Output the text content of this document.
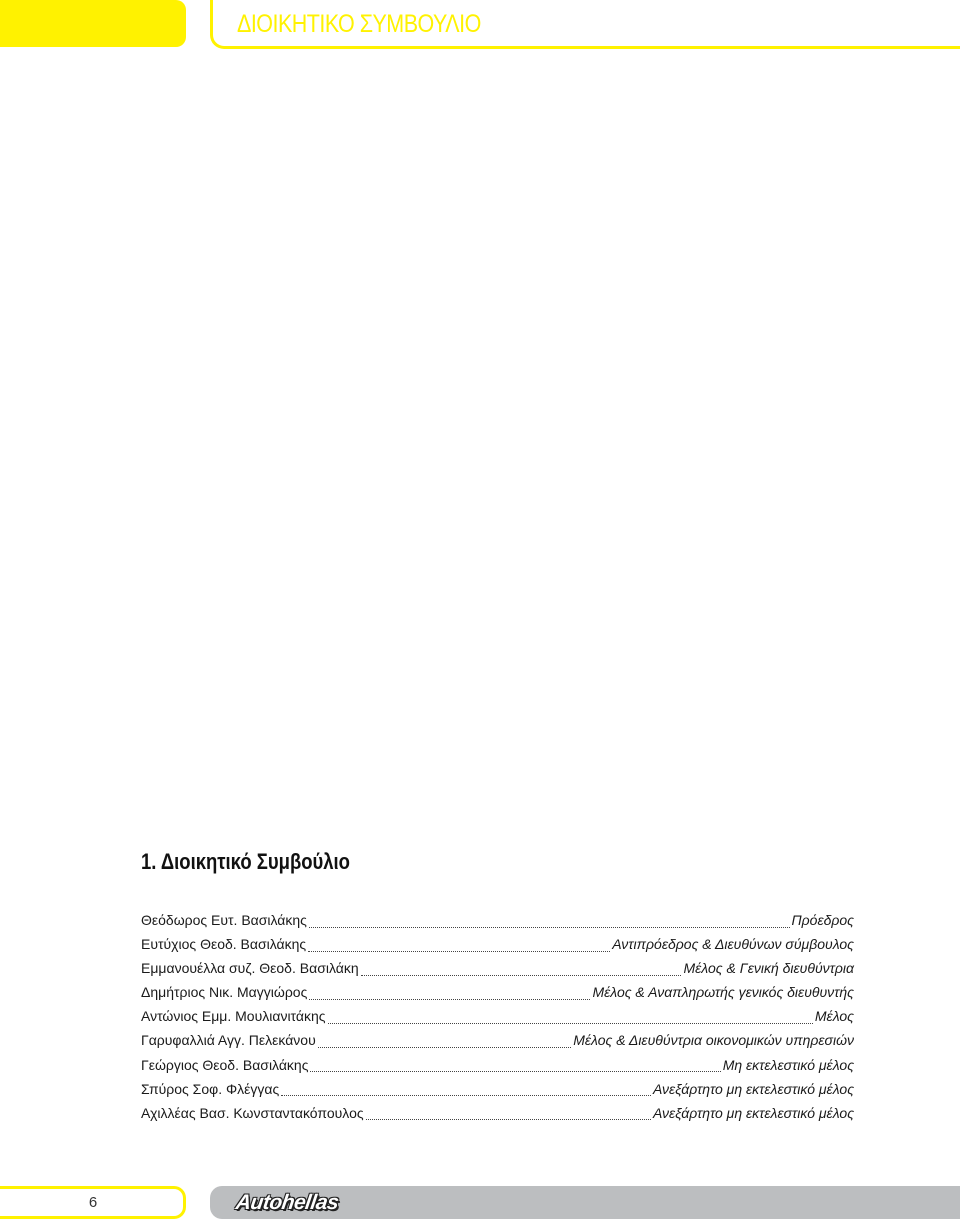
ΔΙΟΙΚΗΤΙΚΟ ΣΥΜΒΟΥΛΙΟ
1. Διοικητικό Συμβούλιο
Θεόδωρος Ευτ. Βασιλάκης	Πρόεδρος
Ευτύχιος Θεοδ. Βασιλάκης	Αντιπρόεδρος & Διευθύνων σύμβουλος
Εμμανουέλλα συζ. Θεοδ. Βασιλάκη	Μέλος & Γενική διευθύντρια
Δημήτριος Νικ. Μαγγιώρος	Μέλος & Αναπληρωτής γενικός διευθυντής
Αντώνιος Εμμ. Μουλιανιτάκης	Μέλος
Γαρυφαλλιά Αγγ. Πελεκάνου	Μέλος & Διευθύντρια οικονομικών υπηρεσιών
Γεώργιος Θεοδ. Βασιλάκης	Μη εκτελεστικό μέλος
Σπύρος Σοφ. Φλέγγας	Ανεξάρτητο μη εκτελεστικό μέλος
Αχιλλέας Βασ. Κωνσταντακόπουλος	Ανεξάρτητο μη εκτελεστικό μέλος
6	Autohellas
